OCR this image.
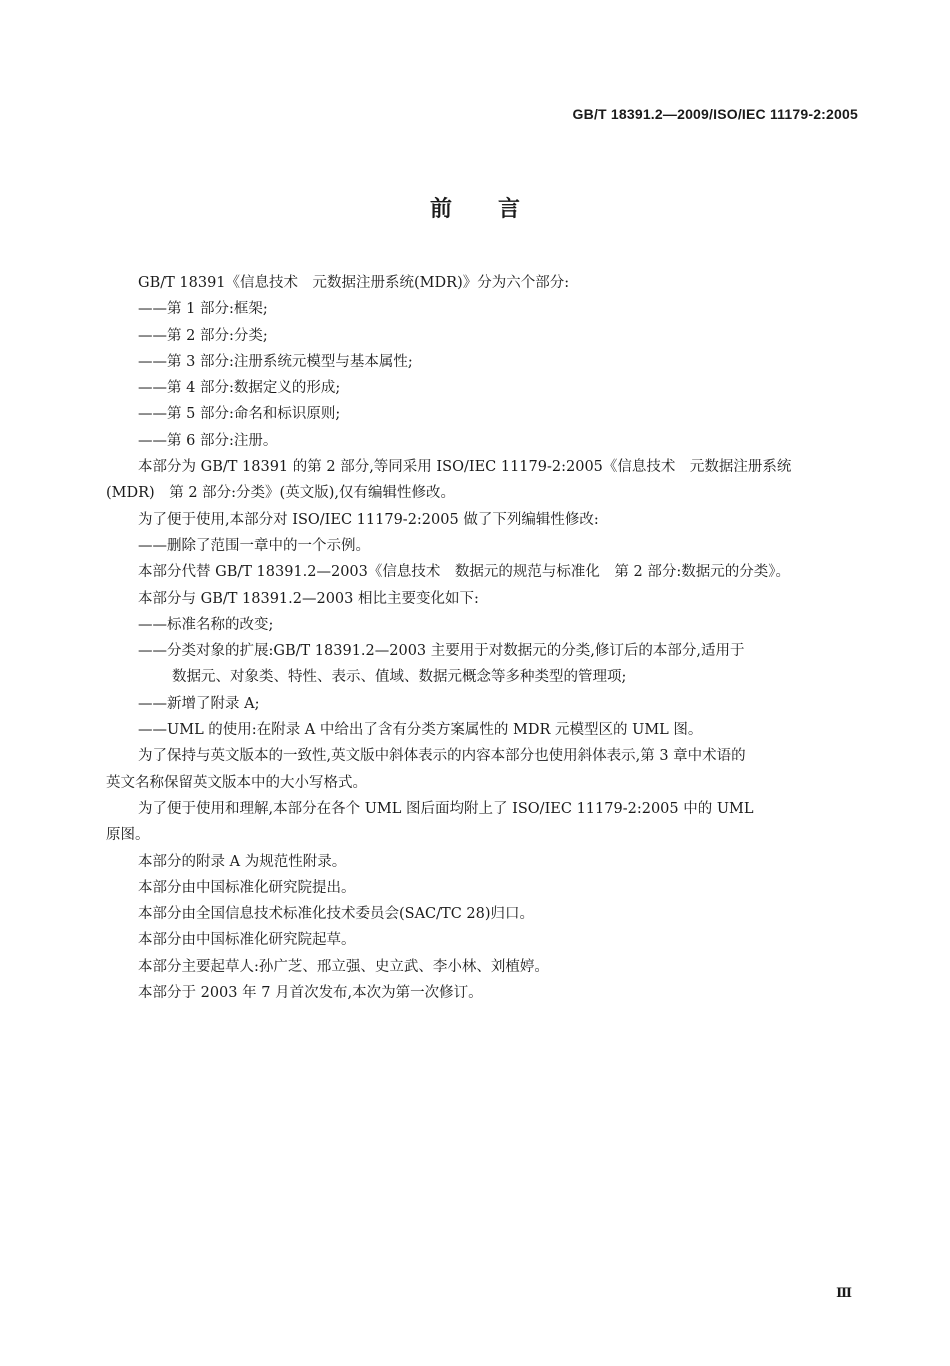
GB/T 18391.2—2009/ISO/IEC 11179-2:2005
前言

GB/T 18391《信息技术　元数据注册系统(MDR)》分为六个部分:

——第 1 部分:框架;

——第 2 部分:分类;

——第 3 部分:注册系统元模型与基本属性;

——第 4 部分:数据定义的形成;

——第 5 部分:命名和标识原则;

——第 6 部分:注册。

本部分为 GB/T 18391 的第 2 部分,等同采用 ISO/IEC 11179-2:2005《信息技术　元数据注册系统

(MDR)　第 2 部分:分类》(英文版),仅有编辑性修改。

为了便于使用,本部分对 ISO/IEC 11179-2:2005 做了下列编辑性修改:

——删除了范围一章中的一个示例。

本部分代替 GB/T 18391.2—2003《信息技术　数据元的规范与标准化　第 2 部分:数据元的分类》。

本部分与 GB/T 18391.2—2003 相比主要变化如下:

——标准名称的改变;

——分类对象的扩展:GB/T 18391.2—2003 主要用于对数据元的分类,修订后的本部分,适用于

数据元、对象类、特性、表示、值域、数据元概念等多种类型的管理项;

——新增了附录 A;

——UML 的使用:在附录 A 中给出了含有分类方案属性的 MDR 元模型区的 UML 图。

为了保持与英文版本的一致性,英文版中斜体表示的内容本部分也使用斜体表示,第 3 章中术语的

英文名称保留英文版本中的大小写格式。

为了便于使用和理解,本部分在各个 UML 图后面均附上了 ISO/IEC 11179-2:2005 中的 UML

原图。

本部分的附录 A 为规范性附录。

本部分由中国标准化研究院提出。

本部分由全国信息技术标准化技术委员会(SAC/TC 28)归口。

本部分由中国标准化研究院起草。

本部分主要起草人:孙广芝、邢立强、史立武、李小林、刘植婷。

本部分于 2003 年 7 月首次发布,本次为第一次修订。

Ⅲ
